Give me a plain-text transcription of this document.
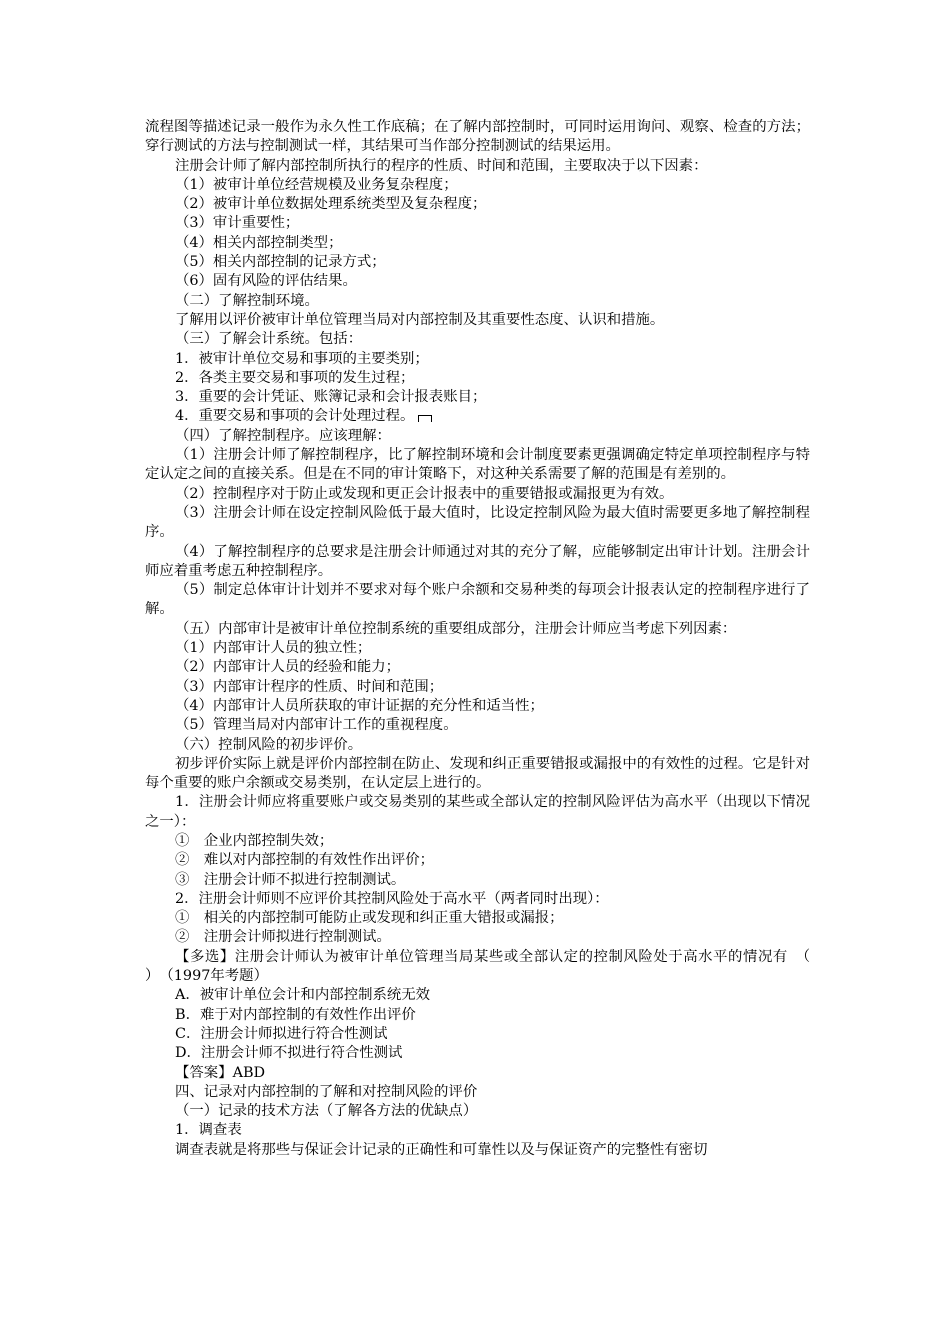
流程图等描述记录一般作为永久性工作底稿；在了解内部控制时，可同时运用询问、观察、检查的方法；穿行测试的方法与控制测试一样，其结果可当作部分控制测试的结果运用。

注册会计师了解内部控制所执行的程序的性质、时间和范围，主要取决于以下因素：

（1）被审计单位经营规模及业务复杂程度；

（2）被审计单位数据处理系统类型及复杂程度；

（3）审计重要性；

（4）相关内部控制类型；

（5）相关内部控制的记录方式；

（6）固有风险的评估结果。

（二）了解控制环境。

了解用以评价被审计单位管理当局对内部控制及其重要性态度、认识和措施。

（三）了解会计系统。包括：

1．被审计单位交易和事项的主要类别；

2．各类主要交易和事项的发生过程；

3．重要的会计凭证、账簿记录和会计报表账目；

4．重要交易和事项的会计处理过程。

（四）了解控制程序。应该理解：

（1）注册会计师了解控制程序，比了解控制环境和会计制度要素更强调确定特定单项控制程序与特定认定之间的直接关系。但是在不同的审计策略下，对这种关系需要了解的范围是有差别的。

（2）控制程序对于防止或发现和更正会计报表中的重要错报或漏报更为有效。

（3）注册会计师在设定控制风险低于最大值时，比设定控制风险为最大值时需要更多地了解控制程序。

（4）了解控制程序的总要求是注册会计师通过对其的充分了解，应能够制定出审计计划。注册会计师应着重考虑五种控制程序。

（5）制定总体审计计划并不要求对每个账户余额和交易种类的每项会计报表认定的控制程序进行了解。

（五）内部审计是被审计单位控制系统的重要组成部分，注册会计师应当考虑下列因素：

（1）内部审计人员的独立性；

（2）内部审计人员的经验和能力；

（3）内部审计程序的性质、时间和范围；

（4）内部审计人员所获取的审计证据的充分性和适当性；

（5）管理当局对内部审计工作的重视程度。

（六）控制风险的初步评价。

初步评价实际上就是评价内部控制在防止、发现和纠正重要错报或漏报中的有效性的过程。它是针对每个重要的账户余额或交易类别，在认定层上进行的。

1．注册会计师应将重要账户或交易类别的某些或全部认定的控制风险评估为高水平（出现以下情况之一）：

①　企业内部控制失效；

②　难以对内部控制的有效性作出评价；

③　注册会计师不拟进行控制测试。

2．注册会计师则不应评价其控制风险处于高水平（两者同时出现）：

①　相关的内部控制可能防止或发现和纠正重大错报或漏报；

②　注册会计师拟进行控制测试。

【多选】注册会计师认为被审计单位管理当局某些或全部认定的控制风险处于高水平的情况有　（　　　）　（1997年考题）

A．被审计单位会计和内部控制系统无效

B．难于对内部控制的有效性作出评价

C．注册会计师拟进行符合性测试

D．注册会计师不拟进行符合性测试

【答案】ABD

四、记录对内部控制的了解和对控制风险的评价

（一）记录的技术方法（了解各方法的优缺点）

1．调查表

调查表就是将那些与保证会计记录的正确性和可靠性以及与保证资产的完整性有密切
